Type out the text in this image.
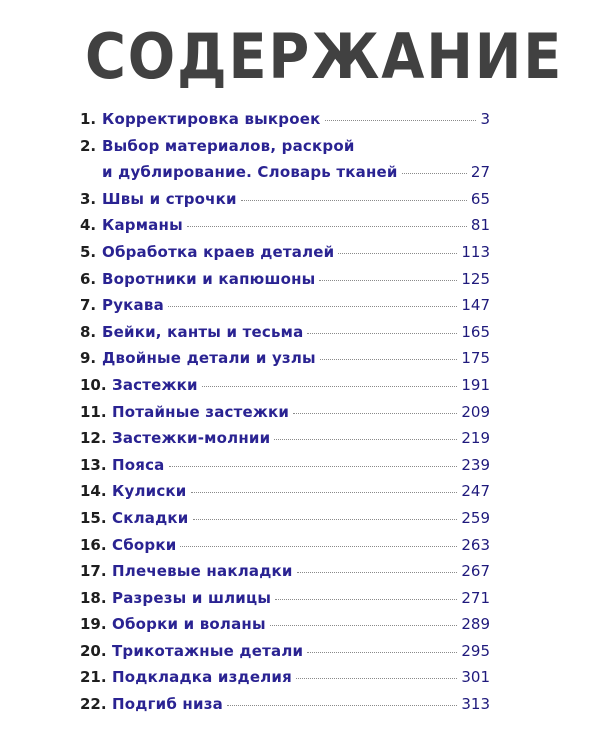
СОДЕРЖАНИЕ
1. Корректировка выкроек	3
2. Выбор материалов, раскрой
и дублирование. Словарь тканей	27
3. Швы и строчки	65
4. Карманы	81
5. Обработка краев деталей	113
6. Воротники и капюшоны	125
7. Рукава	147
8. Бейки, канты и тесьма	165
9. Двойные детали и узлы	175
10. Застежки	191
11. Потайные застежки	209
12. Застежки-молнии	219
13. Пояса	239
14. Кулиски	247
15. Складки	259
16. Сборки	263
17. Плечевые накладки	267
18. Разрезы и шлицы	271
19. Оборки и воланы	289
20. Трикотажные детали	295
21. Подкладка изделия	301
22. Подгиб низа	313
